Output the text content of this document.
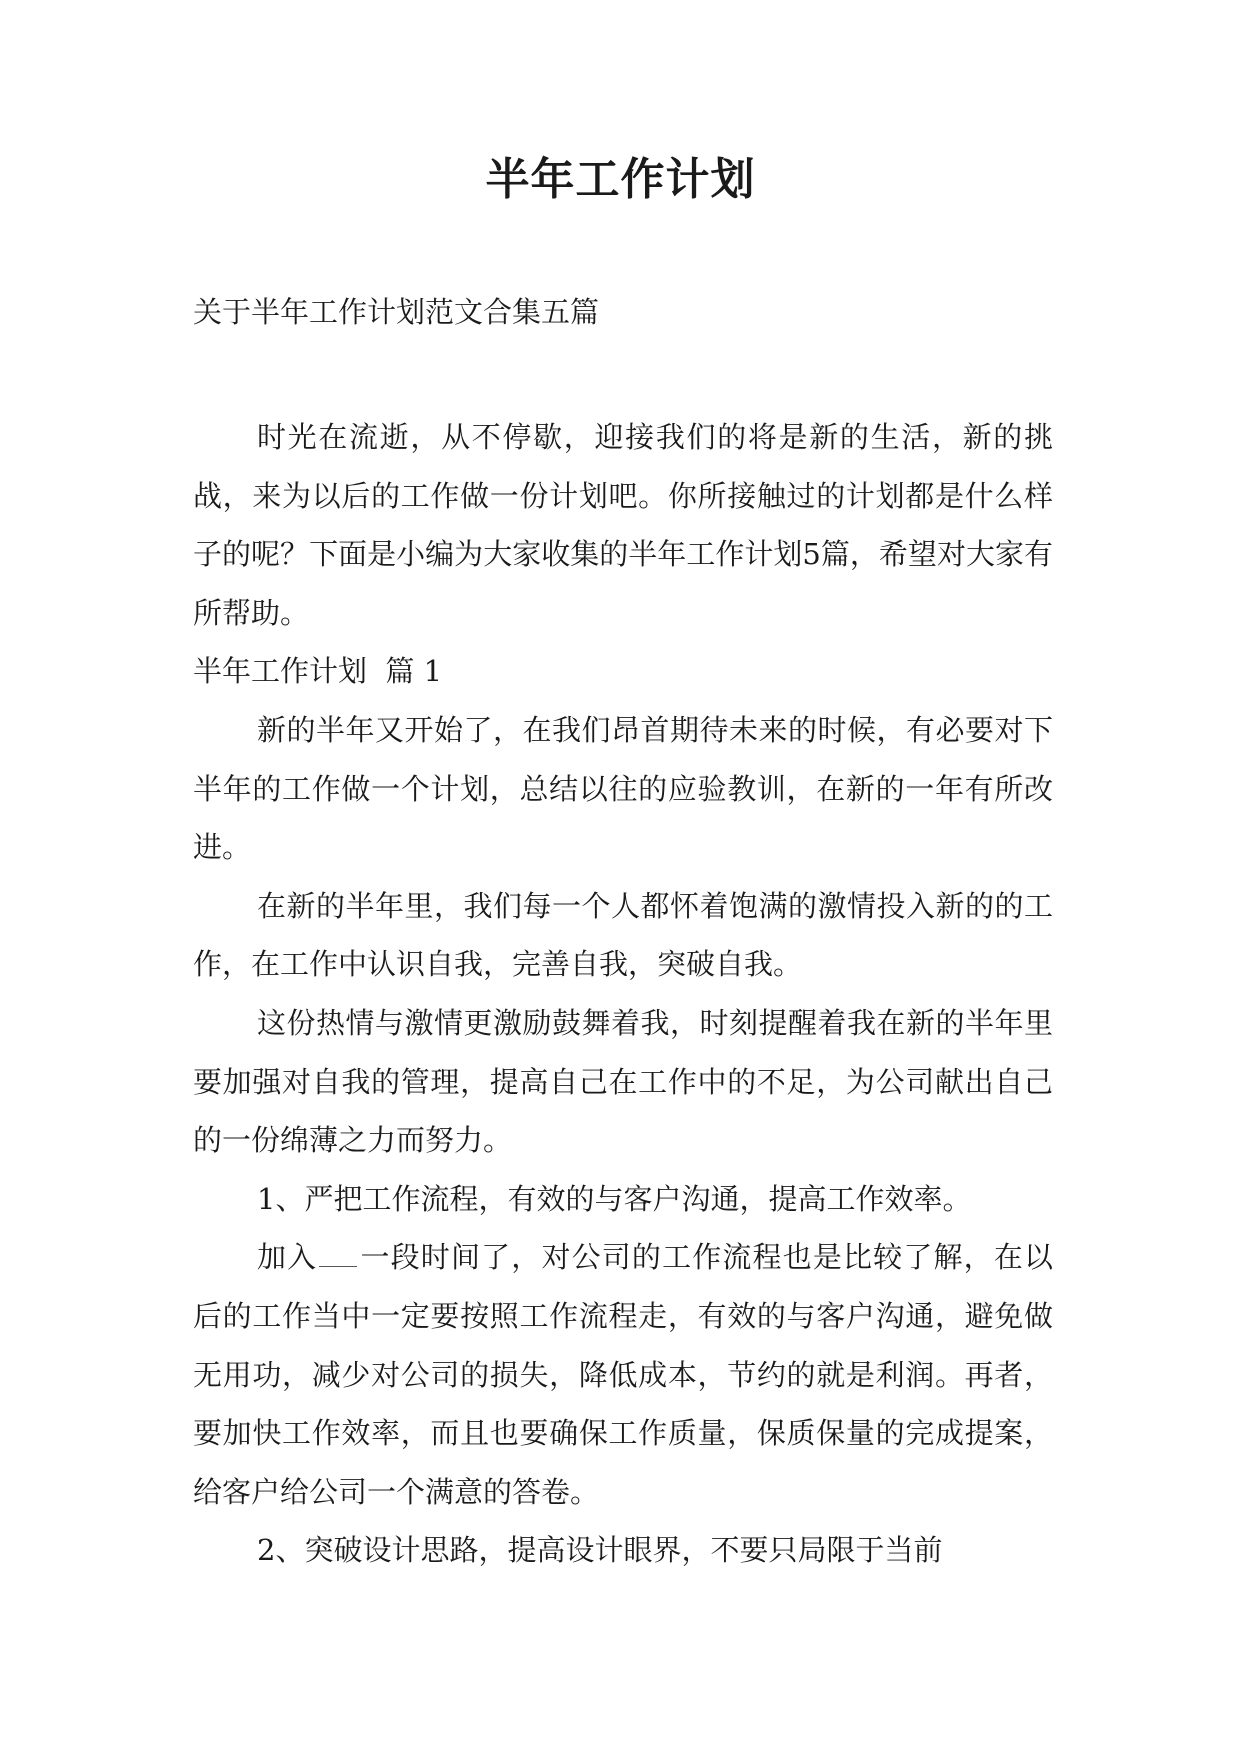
半年工作计划
关于半年工作计划范文合集五篇

时光在流逝，从不停歇，迎接我们的将是新的生活，新的挑战，来为以后的工作做一份计划吧。你所接触过的计划都是什么样子的呢？下面是小编为大家收集的半年工作计划5篇，希望对大家有所帮助。

半年工作计划  篇 1

新的半年又开始了，在我们昂首期待未来的时候，有必要对下半年的工作做一个计划，总结以往的应验教训，在新的一年有所改进。

在新的半年里，我们每一个人都怀着饱满的激情投入新的的工作，在工作中认识自我，完善自我，突破自我。

这份热情与激情更激励鼓舞着我，时刻提醒着我在新的半年里要加强对自我的管理，提高自己在工作中的不足，为公司献出自己的一份绵薄之力而努力。

1、严把工作流程，有效的与客户沟通，提高工作效率。

加入 一段时间了，对公司的工作流程也是比较了解，在以后的工作当中一定要按照工作流程走，有效的与客户沟通，避免做无用功，减少对公司的损失，降低成本，节约的就是利润。再者，要加快工作效率，而且也要确保工作质量，保质保量的完成提案，给客户给公司一个满意的答卷。

2、突破设计思路，提高设计眼界，不要只局限于当前
